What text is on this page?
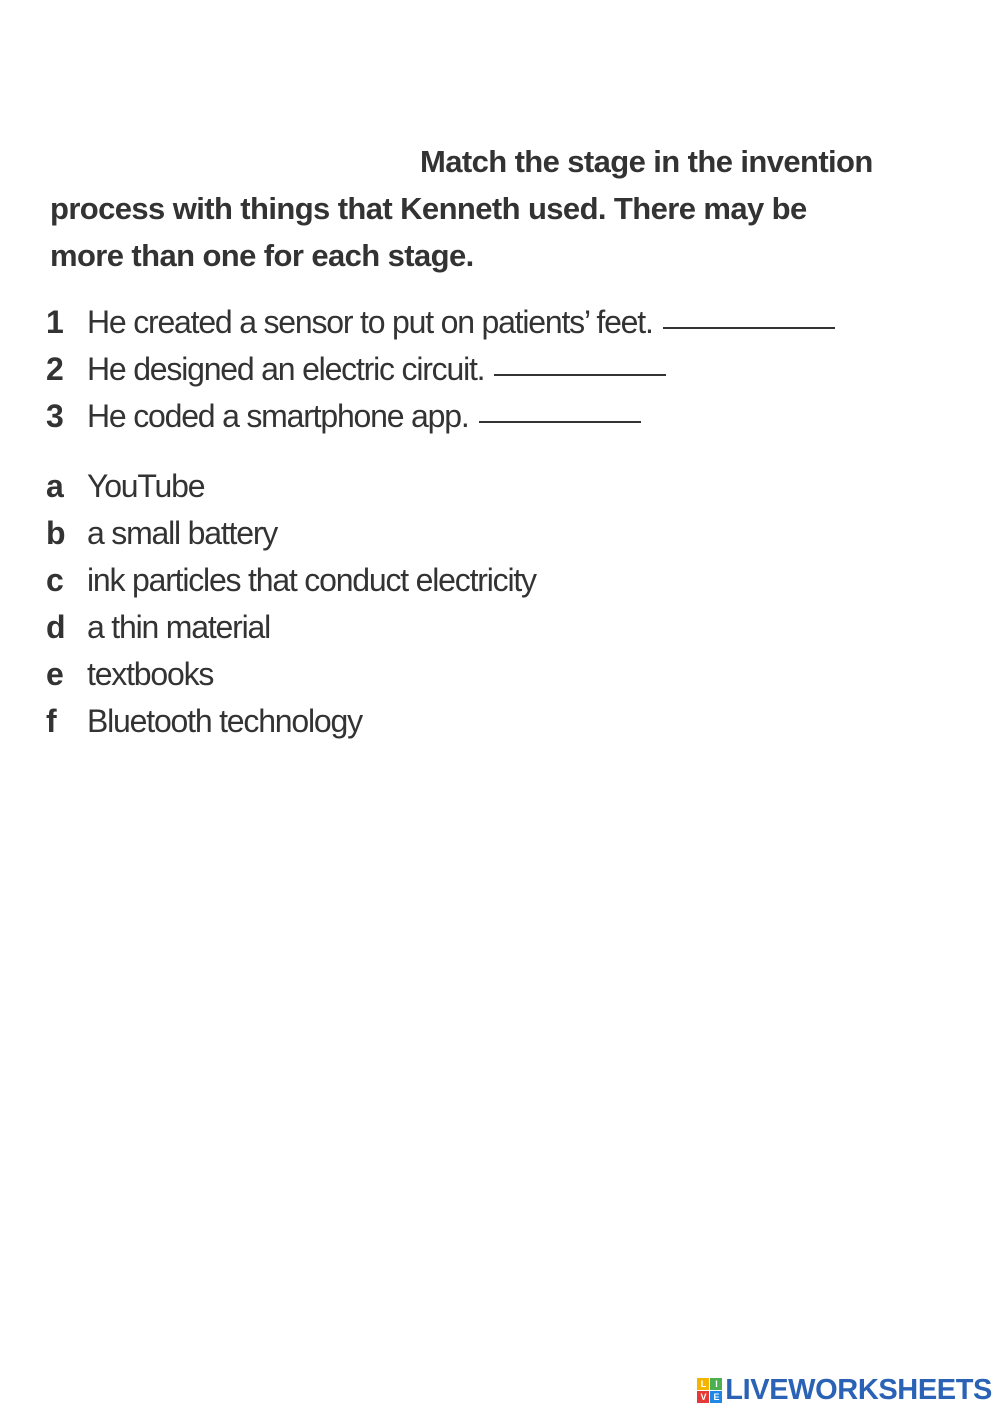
Match the stage in the invention
process with things that Kenneth used. There may be
more than one for each stage.

1 He created a sensor to put on patients’ feet.
2 He designed an electric circuit.
3 He coded a smartphone app.
a YouTube
b a small battery
c ink particles that conduct electricity
d a thin material
e textbooks
f Bluetooth technology
L	I
V E LIVEWORKSHEETS
